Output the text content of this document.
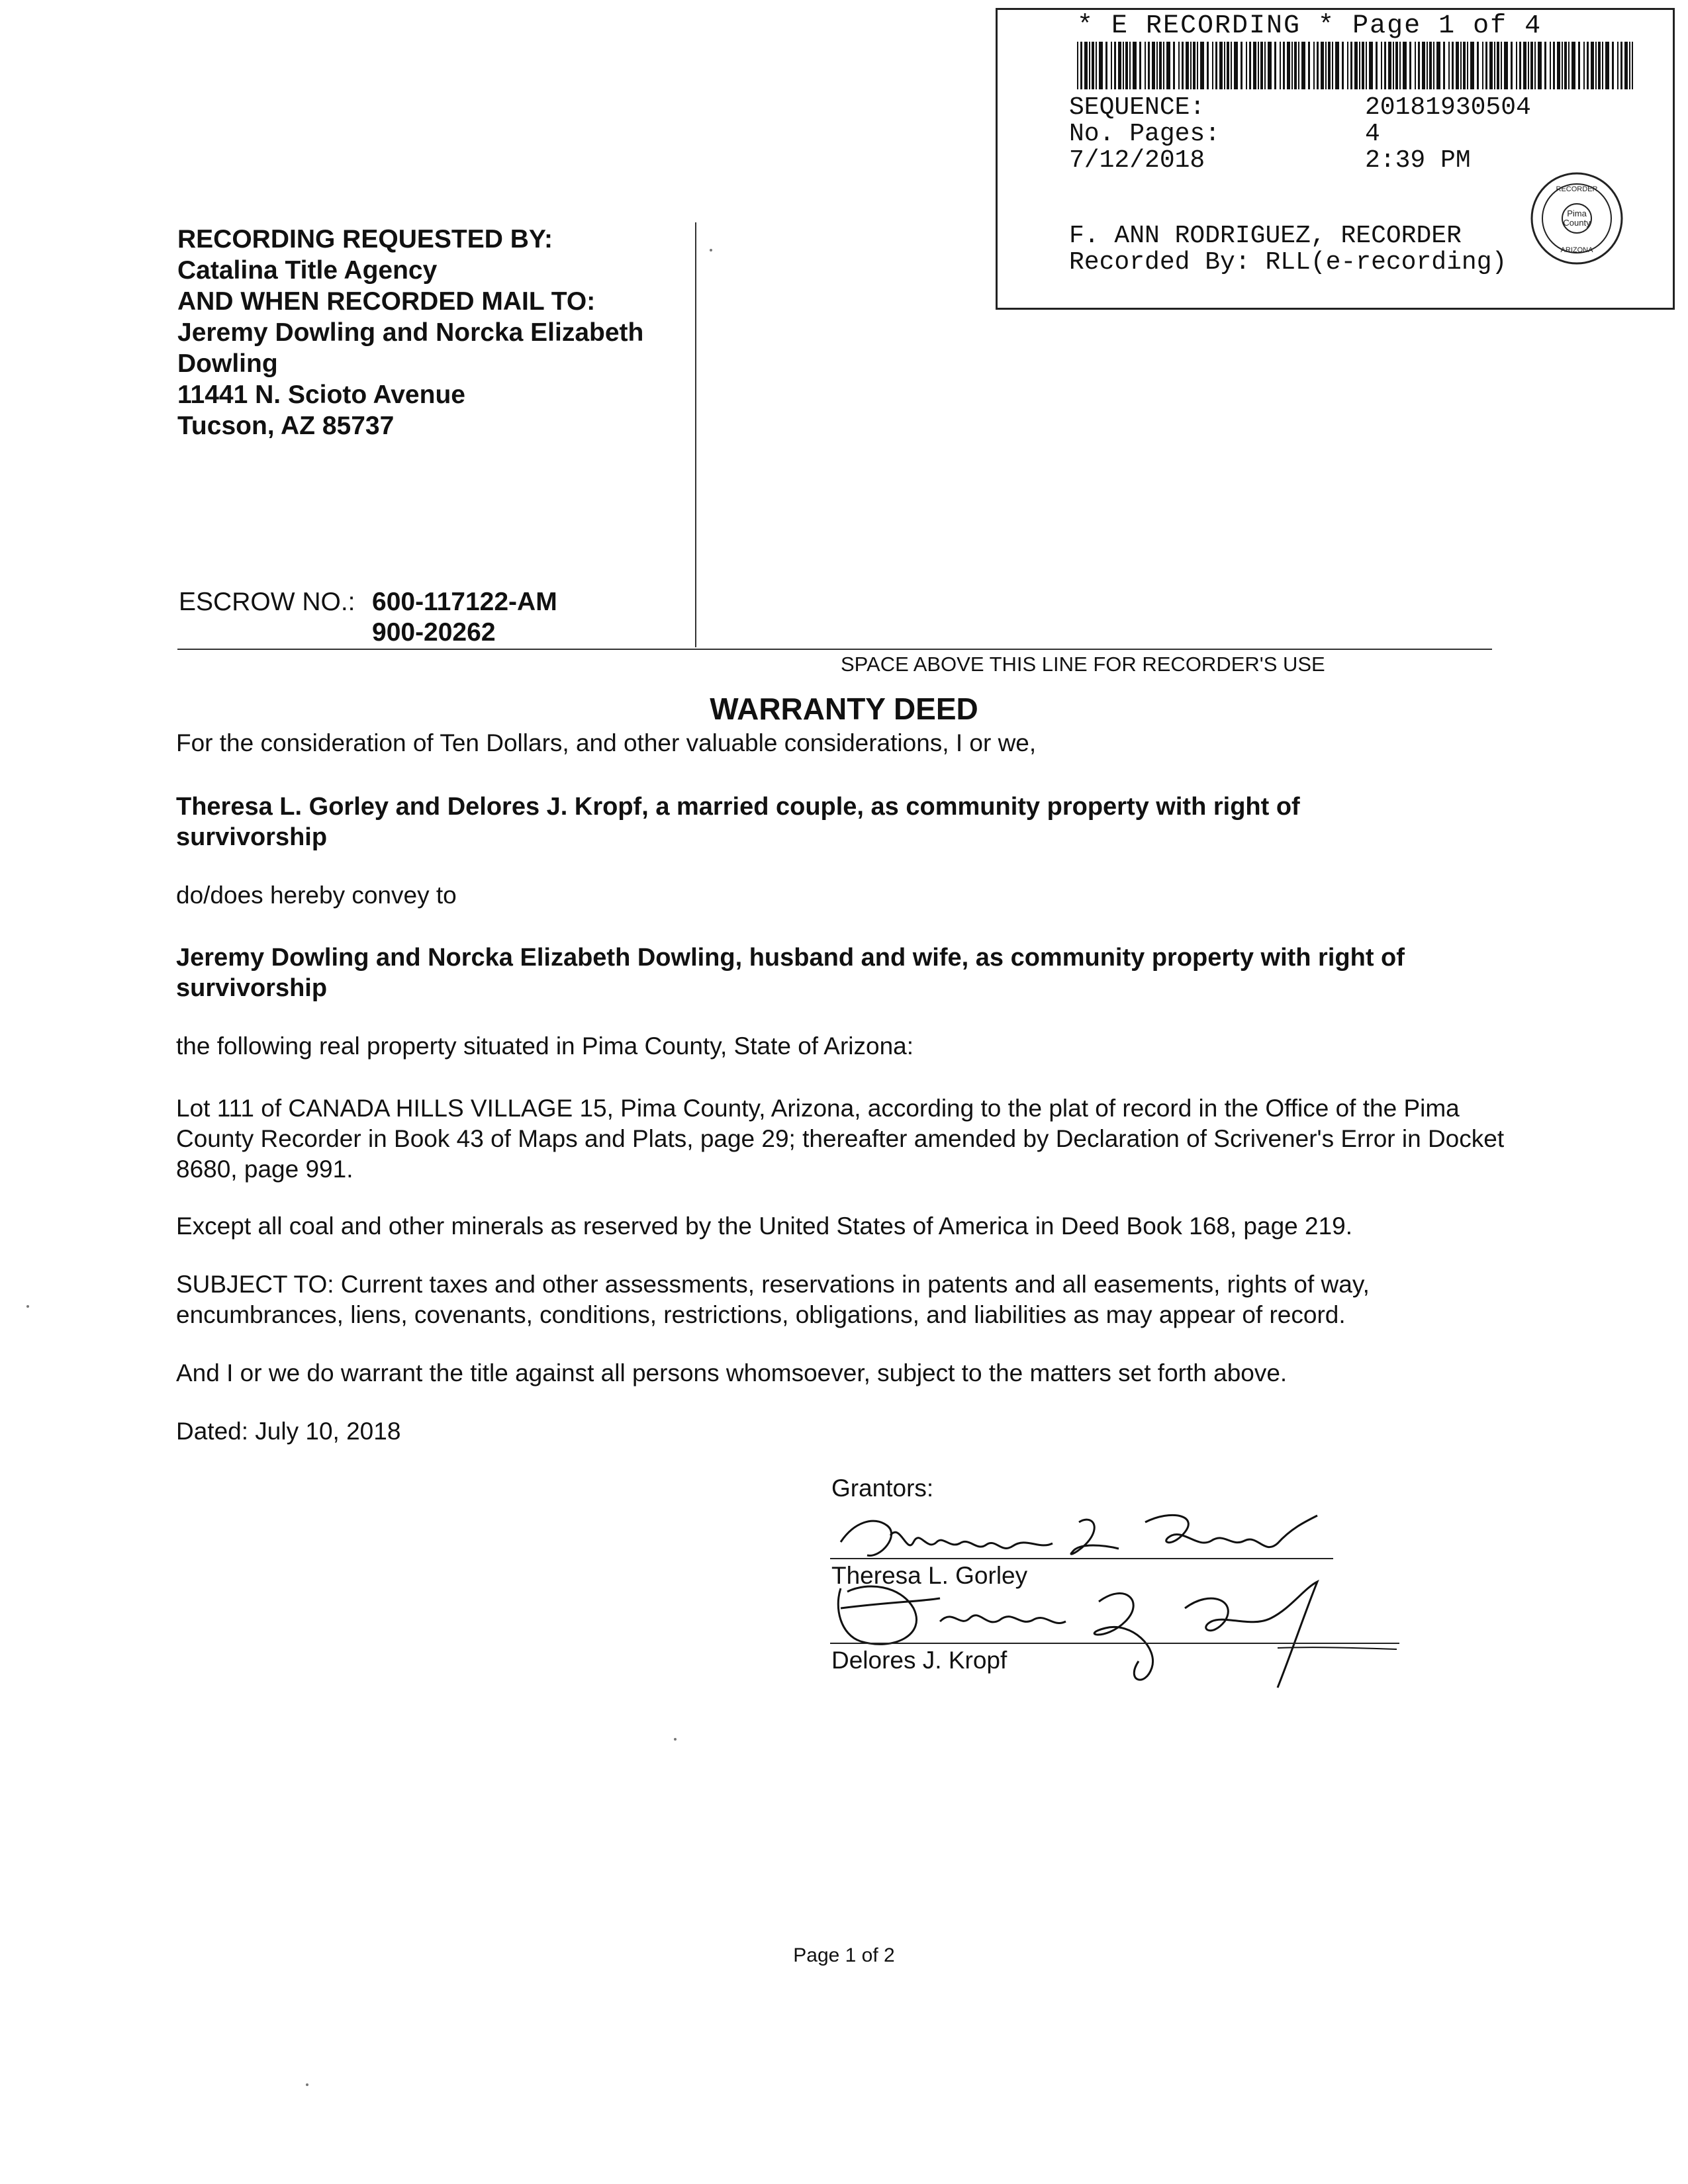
* E RECORDING * Page 1 of 4
SEQUENCE:	20181930504
No. Pages:	4
7/12/2018	2:39 PM
F. ANN RODRIGUEZ, RECORDER
Recorded By: RLL(e-recording)
Pima
County
RECORDER
ARIZONA
RECORDING REQUESTED BY:
Catalina Title Agency
AND WHEN RECORDED MAIL TO:
Jeremy Dowling and Norcka Elizabeth Dowling
11441 N. Scioto Avenue
Tucson, AZ 85737
ESCROW NO.: 600-117122-AM
900-20262
SPACE ABOVE THIS LINE FOR RECORDER'S USE
WARRANTY DEED
For the consideration of Ten Dollars, and other valuable considerations, I or we,
Theresa L. Gorley and Delores J. Kropf, a married couple, as community property with right of survivorship
do/does hereby convey to
Jeremy Dowling and Norcka Elizabeth Dowling, husband and wife, as community property with right of survivorship
the following real property situated in Pima County, State of Arizona:
Lot 111 of CANADA HILLS VILLAGE 15, Pima County, Arizona, according to the plat of record in the Office of the Pima County Recorder in Book 43 of Maps and Plats, page 29; thereafter amended by Declaration of Scrivener's Error in Docket 8680, page 991.
Except all coal and other minerals as reserved by the United States of America in Deed Book 168, page 219.
SUBJECT TO: Current taxes and other assessments, reservations in patents and all easements, rights of way, encumbrances, liens, covenants, conditions, restrictions, obligations, and liabilities as may appear of record.
And I or we do warrant the title against all persons whomsoever, subject to the matters set forth above.
Dated: July 10, 2018
Grantors:
Theresa L. Gorley
Delores J. Kropf
Page 1 of 2
